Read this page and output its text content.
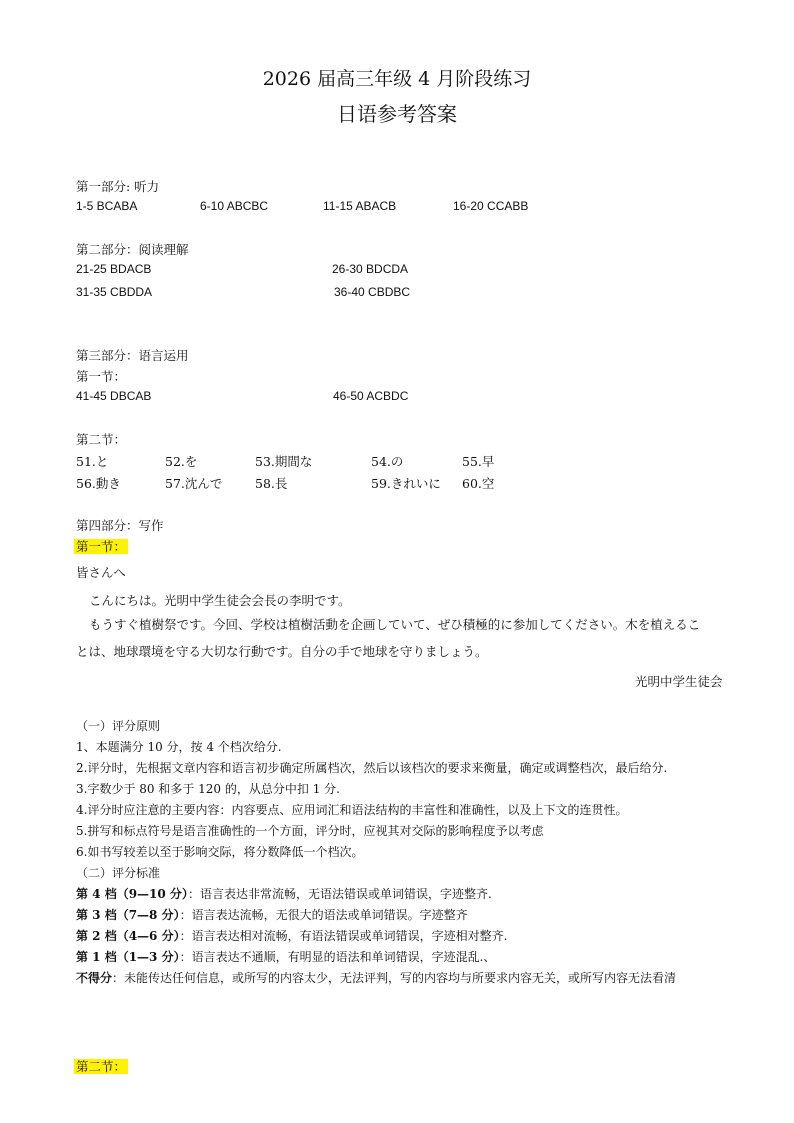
2026 届高三年级 4 月阶段练习
日语参考答案
第一部分: 听力
1-5 BCABA	6-10 ABCBC	11-15 ABACB	16-20 CCABB
第二部分：阅读理解
21-25 BDACB	26-30 BDCDA
31-35 CBDDA	36-40 CBDBC
第三部分：语言运用
第一节：
41-45 DBCAB	46-50 ACBDC
第二节：
51.と	52.を	53.期間な	54.の	55.早
56.動き	57.沈んで	58.長	59.きれいに 60.空
第四部分：写作
第一节：
皆さんへ
こんにちは。光明中学生徒会会長の李明です。
もうすぐ植樹祭です。今回、学校は植樹活動を企画していて、ぜひ積極的に参加してください。木を植えるこ
とは、地球環境を守る大切な行動です。自分の手で地球を守りましょう。
光明中学生徒会
（一）评分原则
1、本题满分 10 分，按 4 个档次给分.
2.评分时，先根据文章内容和语言初步确定所属档次，然后以该档次的要求来衡量，确定或调整档次，最后给分.
3.字数少于 80 和多于 120 的，从总分中扣 1 分.
4.评分时应注意的主要内容：内容要点、应用词汇和语法结构的丰富性和准确性，以及上下文的连贯性。
5.拼写和标点符号是语言准确性的一个方面，评分时，应视其对交际的影响程度予以考虑
6.如书写较差以至于影响交际，将分数降低一个档次。
（二）评分标准
第 4 档（9—10 分）：语言表达非常流畅，无语法错误或单词错误，字迹整齐.
第 3 档（7—8 分）：语言表达流畅，无很大的语法或单词错误。字迹整齐
第 2 档（4—6 分）：语言表达相对流畅，有语法错误或单词错误，字迹相对整齐.
第 1 档（1—3 分）：语言表达不通顺，有明显的语法和单词错误，字迹混乱.、
不得分：未能传达任何信息，或所写的内容太少，无法评判，写的内容均与所要求内容无关，或所写内容无法看清
第二节：
